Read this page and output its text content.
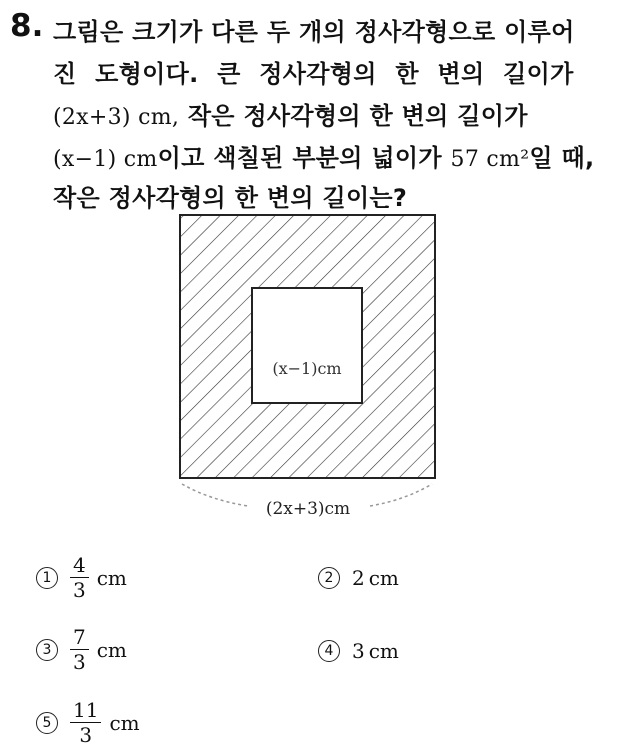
8. 그림은 크기가 다른 두 개의 정사각형으로 이루어
진 도형이다. 큰 정사각형의 한 변의 길이가
(2x+3) cm, 작은 정사각형의 한 변의 길이가
(x−1) cm이고 색칠된 부분의 넓이가 57 cm²일 때,
작은 정사각형의 한 변의 길이는?
(x−1)cm
(2x+3)cm
$1 \frac{4}{3}$ cm	2 2 cm
$3 \frac{7}{3}$ cm	4 3 cm
$5 \frac{11}{3}$ cm
